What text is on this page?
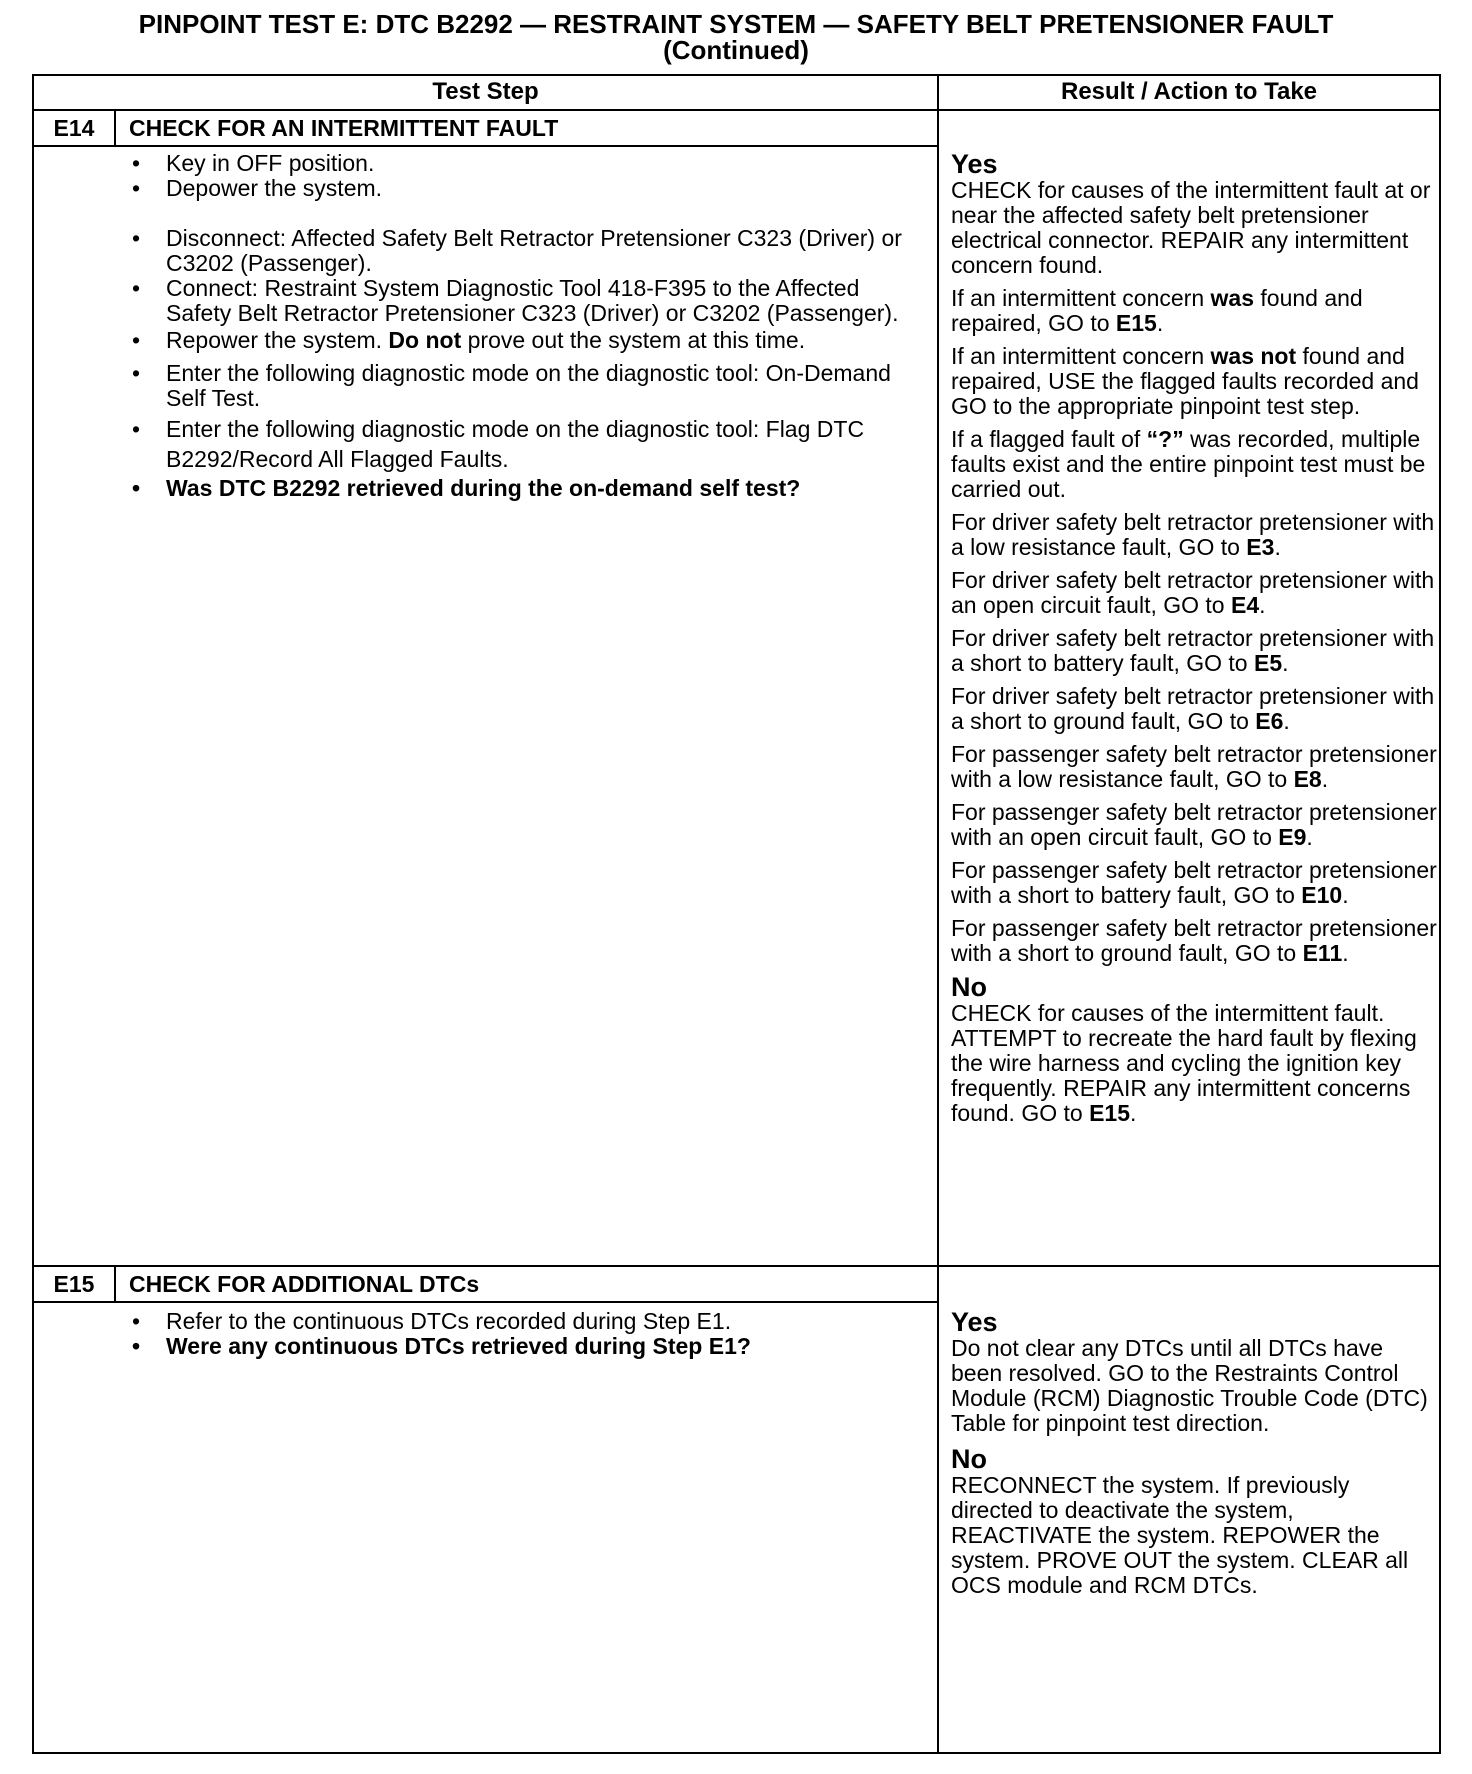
PINPOINT TEST E: DTC B2292 — RESTRAINT SYSTEM — SAFETY BELT PRETENSIONER FAULT
(Continued)
Test Step	Result / Action to Take
E14	CHECK FOR AN INTERMITTENT FAULT

• Key in OFF position.

• Depower the system.

• Disconnect: Affected Safety Belt Retractor Pretensioner C323 (Driver) or C3202 (Passenger).

• Connect: Restraint System Diagnostic Tool 418-F395 to the Affected Safety Belt Retractor Pretensioner C323 (Driver) or C3202 (Passenger).

• Repower the system. Do not prove out the system at this time.

• Enter the following diagnostic mode on the diagnostic tool: On-Demand Self Test.

• Enter the following diagnostic mode on the diagnostic tool: Flag DTC B2292/Record All Flagged Faults.

• Was DTC B2292 retrieved during the on-demand self test?

Yes

CHECK for causes of the intermittent fault at or near the affected safety belt pretensioner electrical connector. REPAIR any intermittent concern found.

If an intermittent concern was found and repaired, GO to E15.

If an intermittent concern was not found and repaired, USE the flagged faults recorded and GO to the appropriate pinpoint test step.

If a flagged fault of “?” was recorded, multiple faults exist and the entire pinpoint test must be carried out.

For driver safety belt retractor pretensioner with a low resistance fault, GO to E3.

For driver safety belt retractor pretensioner with an open circuit fault, GO to E4.

For driver safety belt retractor pretensioner with a short to battery fault, GO to E5.

For driver safety belt retractor pretensioner with a short to ground fault, GO to E6.

For passenger safety belt retractor pretensioner with a low resistance fault, GO to E8.

For passenger safety belt retractor pretensioner with an open circuit fault, GO to E9.

For passenger safety belt retractor pretensioner with a short to battery fault, GO to E10.

For passenger safety belt retractor pretensioner with a short to ground fault, GO to E11.

No

CHECK for causes of the intermittent fault. ATTEMPT to recreate the hard fault by flexing the wire harness and cycling the ignition key frequently. REPAIR any intermittent concerns found. GO to E15.

E15	CHECK FOR ADDITIONAL DTCs

• Refer to the continuous DTCs recorded during Step E1.

• Were any continuous DTCs retrieved during Step E1?

Yes

Do not clear any DTCs until all DTCs have been resolved. GO to the Restraints Control Module (RCM) Diagnostic Trouble Code (DTC) Table for pinpoint test direction.

No

RECONNECT the system. If previously directed to deactivate the system, REACTIVATE the system. REPOWER the system. PROVE OUT the system. CLEAR all OCS module and RCM DTCs.
